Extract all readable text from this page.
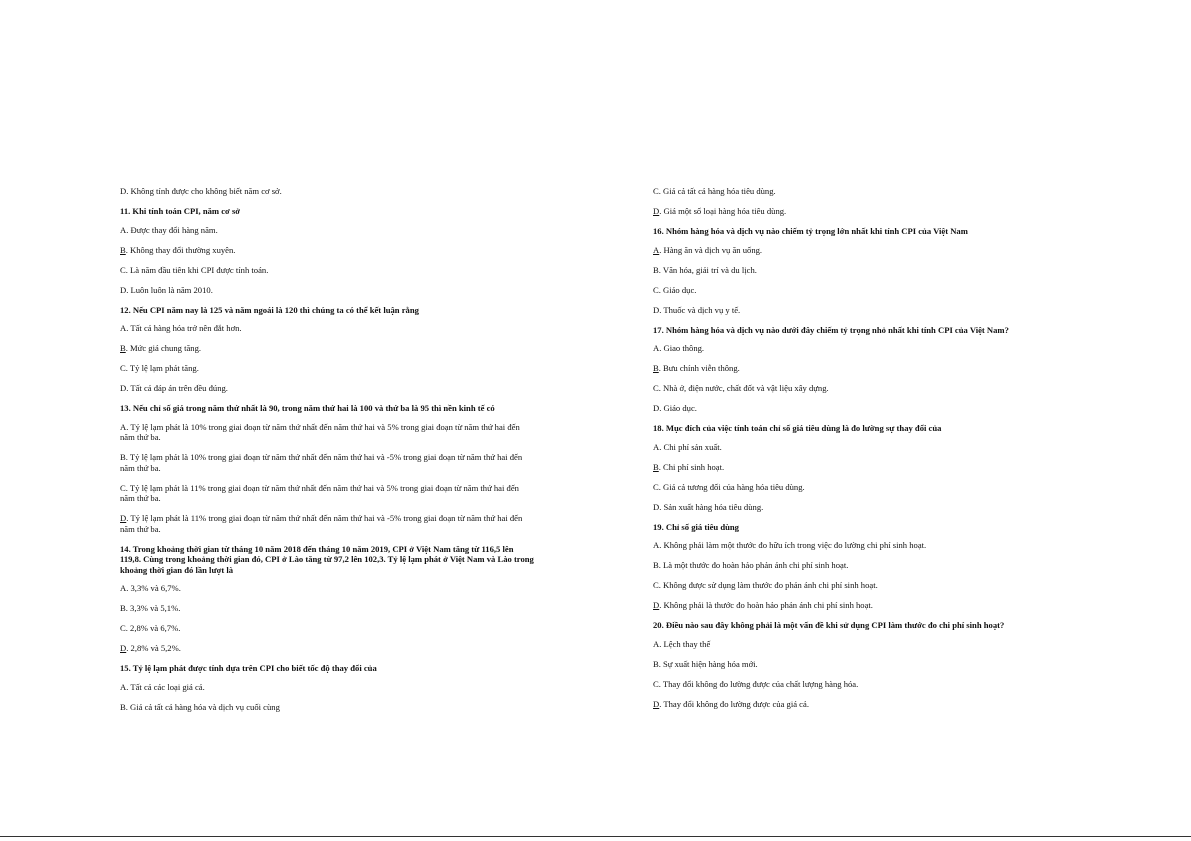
D. Không tính được cho không biết năm cơ sở.
11. Khi tính toán CPI, năm cơ sở
A. Được thay đổi hàng năm.
B. Không thay đổi thường xuyên.
C. Là năm đầu tiên khi CPI được tính toán.
D. Luôn luôn là năm 2010.
12. Nếu CPI năm nay là 125 và năm ngoái là 120 thì chúng ta có thể kết luận rằng
A. Tất cả hàng hóa trở nên đắt hơn.
B. Mức giá chung tăng.
C. Tỷ lệ lạm phát tăng.
D. Tất cả đáp án trên đều đúng.
13. Nếu chỉ số giá trong năm thứ nhất là 90, trong năm thứ hai là 100 và thứ ba là 95 thì nền kinh tế có
A. Tỷ lệ lạm phát là 10% trong giai đoạn từ năm thứ nhất đến năm thứ hai và 5% trong giai đoạn từ năm thứ hai đến năm thứ ba.
B. Tỷ lệ lạm phát là 10% trong giai đoạn từ năm thứ nhất đến năm thứ hai và -5% trong giai đoạn từ năm thứ hai đến năm thứ ba.
C. Tỷ lệ lạm phát là 11% trong giai đoạn từ năm thứ nhất đến năm thứ hai và 5% trong giai đoạn từ năm thứ hai đến năm thứ ba.
D. Tỷ lệ lạm phát là 11% trong giai đoạn từ năm thứ nhất đến năm thứ hai và -5% trong giai đoạn từ năm thứ hai đến năm thứ ba.
14. Trong khoảng thời gian từ tháng 10 năm 2018 đến tháng 10 năm 2019, CPI ở Việt Nam tăng từ 116,5 lên 119,8. Cùng trong khoảng thời gian đó, CPI ở Lào tăng từ 97,2 lên 102,3. Tỷ lệ lạm phát ở Việt Nam và Lào trong khoảng thời gian đó lần lượt là
A. 3,3% và 6,7%.
B. 3,3% và 5,1%.
C. 2,8% và 6,7%.
D. 2,8% và 5,2%.
15. Tỷ lệ lạm phát được tính dựa trên CPI cho biết tốc độ thay đổi của
A. Tất cả các loại giá cả.
B. Giá cả tất cả hàng hóa và dịch vụ cuối cùng
C. Giá cả tất cả hàng hóa tiêu dùng.
D. Giá một số loại hàng hóa tiêu dùng.
16. Nhóm hàng hóa và dịch vụ nào chiếm tỷ trọng lớn nhất khi tính CPI của Việt Nam
A. Hàng ăn và dịch vụ ăn uống.
B. Văn hóa, giải trí và du lịch.
C. Giáo dục.
D. Thuốc và dịch vụ y tế.
17. Nhóm hàng hóa và dịch vụ nào dưới đây chiếm tỷ trọng nhỏ nhất khi tính CPI của Việt Nam?
A. Giao thông.
B. Bưu chính viễn thông.
C. Nhà ở, điện nước, chất đốt và vật liệu xây dựng.
D. Giáo dục.
18. Mục đích của việc tính toán chỉ số giá tiêu dùng là đo lường sự thay đổi của
A. Chi phí sản xuất.
B. Chi phí sinh hoạt.
C. Giá cả tương đối của hàng hóa tiêu dùng.
D. Sản xuất hàng hóa tiêu dùng.
19. Chỉ số giá tiêu dùng
A. Không phải làm một thước đo hữu ích trong việc đo lường chi phí sinh hoạt.
B. Là một thước đo hoàn hảo phản ánh chi phí sinh hoạt.
C. Không được sử dụng làm thước đo phản ánh chi phí sinh hoạt.
D. Không phải là thước đo hoàn hảo phản ánh chi phí sinh hoạt.
20. Điều nào sau đây không phải là một vấn đề khi sử dụng CPI làm thước đo chi phí sinh hoạt?
A. Lệch thay thế
B. Sự xuất hiện hàng hóa mới.
C. Thay đổi không đo lường được của chất lượng hàng hóa.
D. Thay đổi không đo lường được của giá cả.
